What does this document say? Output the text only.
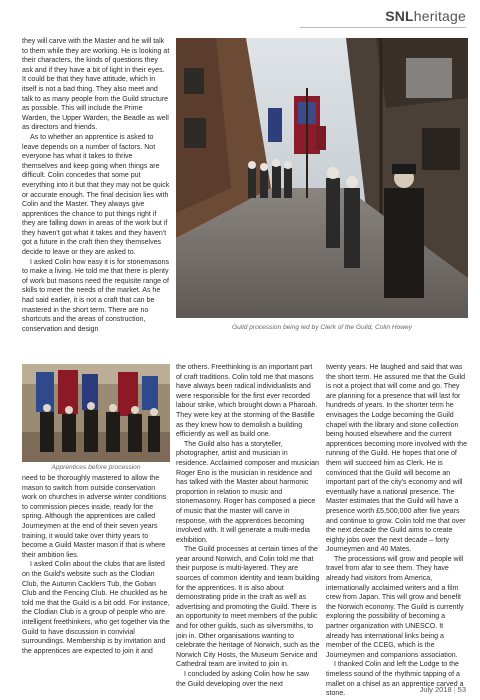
SNLheritage

they will carve with the Master and he will talk to them while they are working. He is looking at their characters, the kinds of questions they ask and if they have a bit of light in their eyes. It could be that they have attitude, which in itself is not a bad thing. They also meet and talk to as many people from the Guild structure as possible. This will include the Prime Warden, the Upper Warden, the Beadle as well as directors and friends.

As to whether an apprentice is asked to leave depends on a number of factors. Not everyone has what it takes to thrive themselves and keep going when things are difficult. Colin concedes that some put everything into it but that they may not be quick or accurate enough. The final decision lies with Colin and the Master. They always give apprentices the chance to put things right if they are falling down in areas of the work but if they haven't got what it takes and they haven't got a future in the craft then they themselves decide to leave or they are asked to.

I asked Colin how easy it is for stonemasons to make a living. He told me that there is plenty of work but masons need the requisite range of skills to meet the needs of the market. As he had said earlier, it is not a craft that can be mastered in the short term. There are no shortcuts and the areas of construction, conservation and design	Guild procession being led by Clerk of the Guild, Colin Howey
Apprentices before procession

need to be thoroughly mastered to allow the mason to switch from outside conservation work on churches in adverse winter conditions to commission pieces inside, ready for the spring. Although the apprentices are called Journeymen at the end of their seven years training, it would take over thirty years to become a Guild Master mason if that is where their ambition lies.

I asked Colin about the clubs that are listed on the Guild's website such as the Clodian Club, the Autumn Cacklers Tub, the Goban Club and the Fencing Club. He chuckled as he told me that the Guild is a bit odd. For instance, the Clodian Club is a group of people who are intelligent freethinkers, who get together via the Guild to have discussion in convivial surroundings. Membership is by invitation and the apprentices are expected to join it and

the others. Freethinking is an important part of craft traditions. Colin told me that masons have always been radical individualists and were responsible for the first ever recorded labour strike, which brought down a Pharoah. They were key at the storming of the Bastille as they knew how to demolish a building efficiently as well as build one.

The Guild also has a storyteller, photographer, artist and musician in residence. Acclaimed composer and musician Roger Eno is the musician in residence and has talked with the Master about harmonic proportion in relation to music and stonemasonry. Roger has composed a piece of music that the master will carve in response, with the apprentices becoming involved with. It will generate a multi-media exhibition.

The Guild processes at certain times of the year around Norwich, and Colin told me that their purpose is multi-layered. They are sources of common identity and team building for the apprentices. It is also about demonstrating pride in the craft as well as advertising and promoting the Guild. There is an opportunity to meet members of the public and for other guilds, such as silversmiths, to join in. Other organisations wanting to celebrate the heritage of Norwich, such as the Norwich City Hosts, the Museum Service and Cathedral team are invited to join in.

I concluded by asking Colin how he saw the Guild developing over the next

twenty years. He laughed and said that was the short term. He assured me that the Guild is not a project that will come and go. They are planning for a presence that will last for hundreds of years. In the shorter term he envisages the Lodge becoming the Guild chapel with the library and stone collection being housed elsewhere and the current apprentices becoming more involved with the running of the Guild. He hopes that one of them will succeed him as Clerk. He is convinced that the Guild will become an important part of the city's economy and will eventually have a national presence. The Master estimates that the Guild will have a presence worth £5,500,000 after five years and continue to grow. Colin told me that over the next decade the Guild aims to create eighty jobs over the next decade – forty Journeymen and 40 Mates.

The processions will grow and people will travel from afar to see them. They have already had visitors from America, internationally acclaimed writers and a film crew from Japan. This will grow and benefit the Norwich economy. The Guild is currently exploring the possibility of becoming a partner organization with UNESCO. It already has international links being a member of the CCEG, which is the Journeymen and companions association.

I thanked Colin and left the Lodge to the timeless sound of the rhythmic tapping of a mallet on a chisel as an apprentice carved a stone.	July 2018 | 53
